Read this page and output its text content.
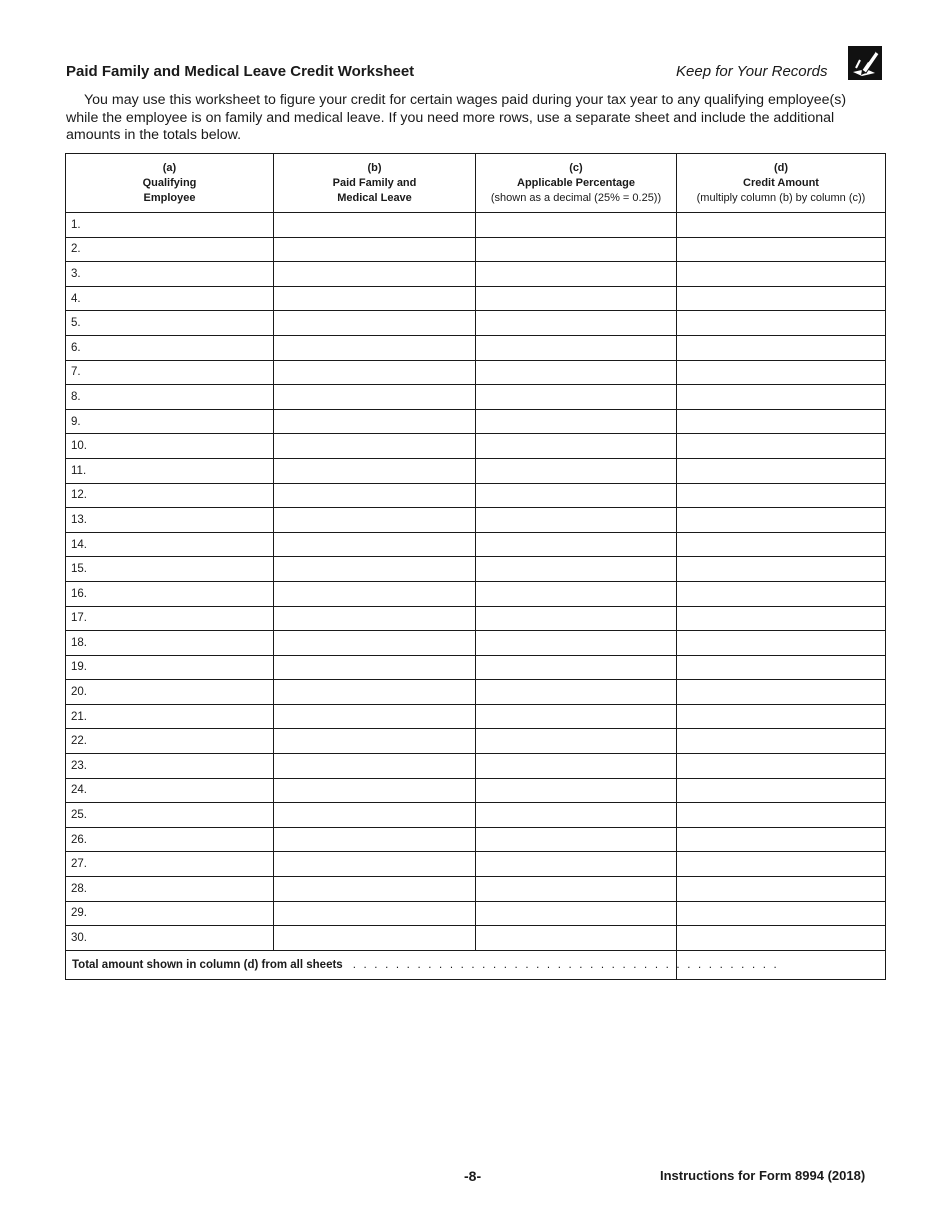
Paid Family and Medical Leave Credit Worksheet	Keep for Your Records
You may use this worksheet to figure your credit for certain wages paid during your tax year to any qualifying employee(s) while the employee is on family and medical leave. If you need more rows, use a separate sheet and include the additional amounts in the totals below.
(a)
Qualifying
Employee	(b)
Paid Family and
Medical Leave	(c)
Applicable Percentage
(shown as a decimal (25% = 0.25))	(d)
Credit Amount
(multiply column (b) by column (c))

1.			
2.			
3.			
4.			
5.			
6.			
7.			
8.			
9.			
10.			
11.			
12.			
13.			
14.			
15.			
16.			
17.			
18.			
19.			
20.			
21.			
22.			
23.			
24.			
25.			
26.			
27.			
28.			
29.			
30.			
Total amount shown in column (d) from all sheets . . . . . . . . . . . . . . . . . . . . . . . . . . . . . . . . . . . . . . . .			
-8-	Instructions for Form 8994 (2018)
